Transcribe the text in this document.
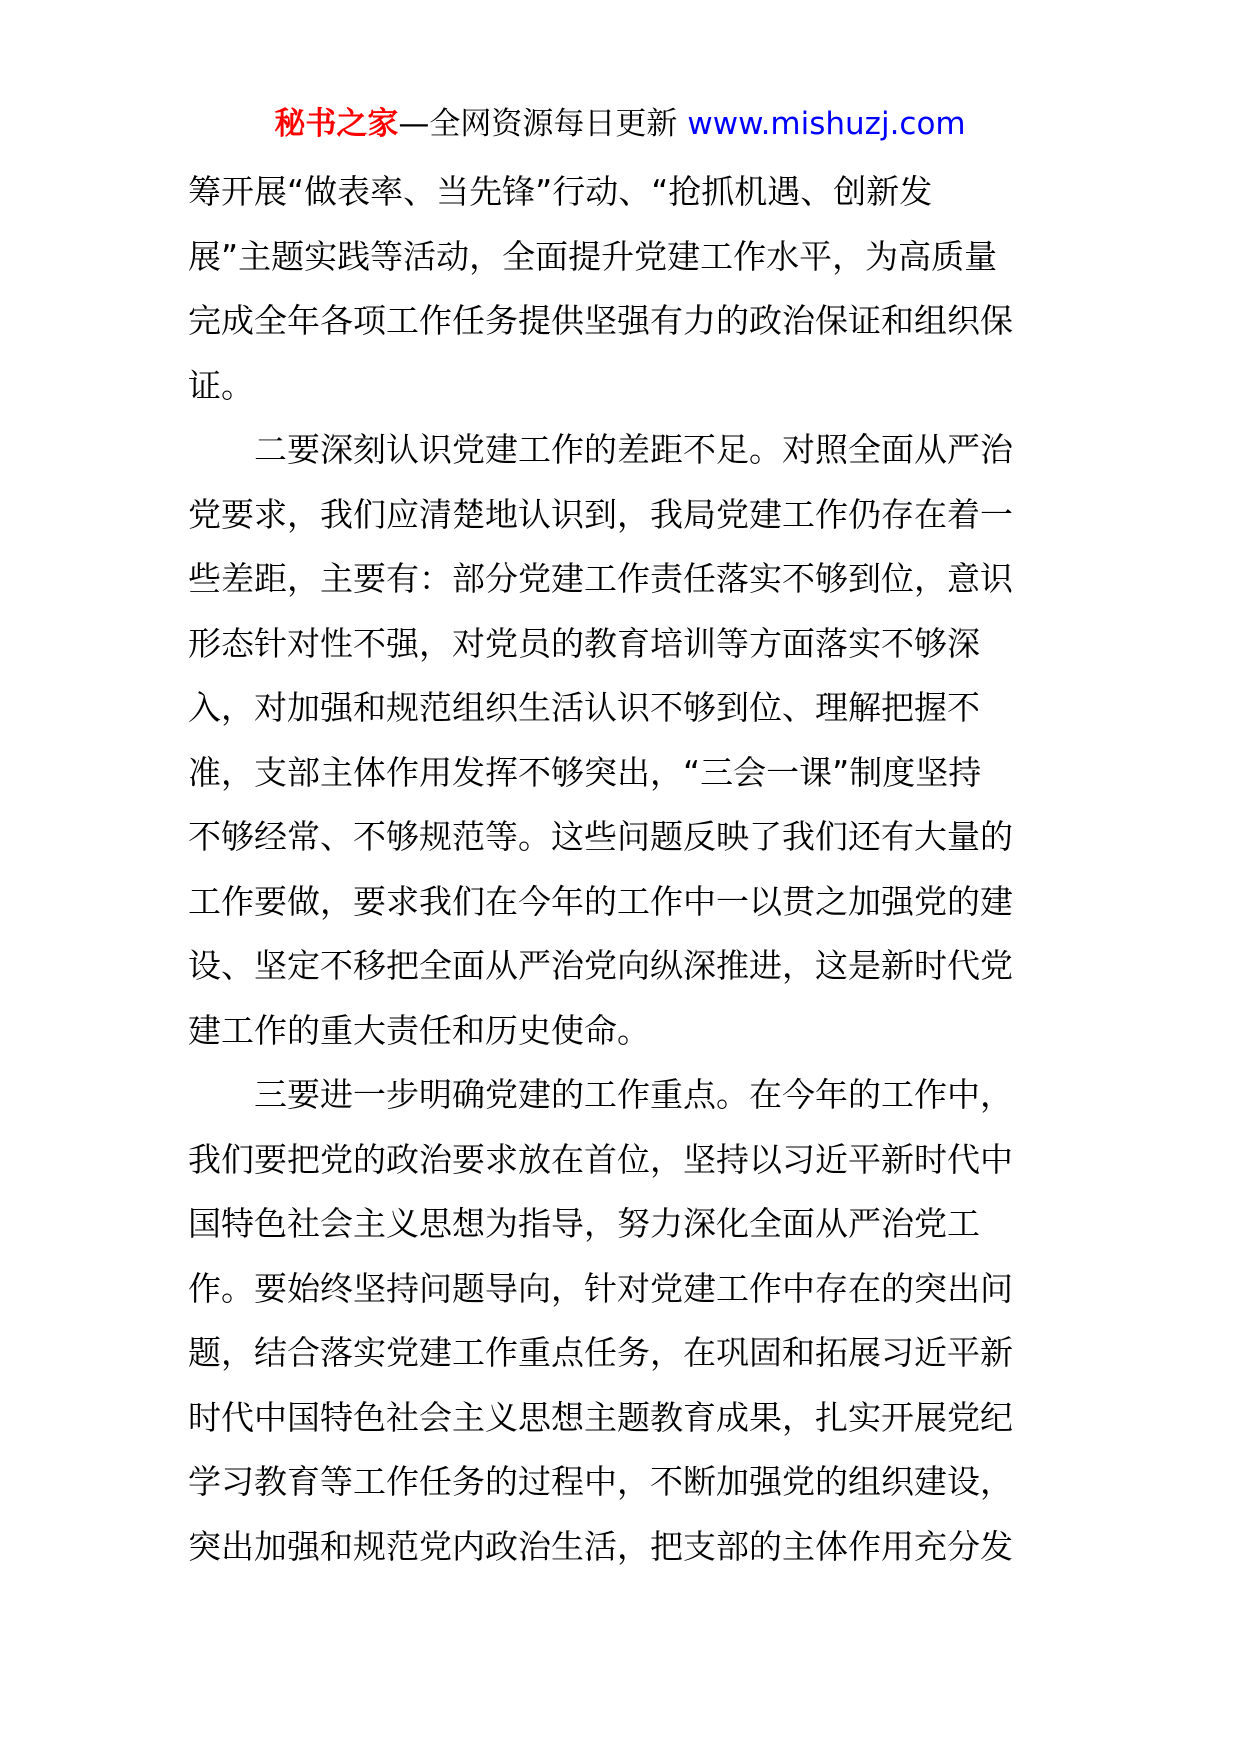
秘书之家—全网资源每日更新 www.mishuzj.com
筹开展“做表率、当先锋”行动、“抢抓机遇、创新发
展”主题实践等活动，全面提升党建工作水平，为高质量
完成全年各项工作任务提供坚强有力的政治保证和组织保
证。
　　二要深刻认识党建工作的差距不足。对照全面从严治
党要求，我们应清楚地认识到，我局党建工作仍存在着一
些差距，主要有：部分党建工作责任落实不够到位，意识
形态针对性不强，对党员的教育培训等方面落实不够深
入，对加强和规范组织生活认识不够到位、理解把握不
准，支部主体作用发挥不够突出，“三会一课”制度坚持
不够经常、不够规范等。这些问题反映了我们还有大量的
工作要做，要求我们在今年的工作中一以贯之加强党的建
设、坚定不移把全面从严治党向纵深推进，这是新时代党
建工作的重大责任和历史使命。
　　三要进一步明确党建的工作重点。在今年的工作中，
我们要把党的政治要求放在首位，坚持以习近平新时代中
国特色社会主义思想为指导，努力深化全面从严治党工
作。要始终坚持问题导向，针对党建工作中存在的突出问
题，结合落实党建工作重点任务，在巩固和拓展习近平新
时代中国特色社会主义思想主题教育成果，扎实开展党纪
学习教育等工作任务的过程中，不断加强党的组织建设，
突出加强和规范党内政治生活，把支部的主体作用充分发
